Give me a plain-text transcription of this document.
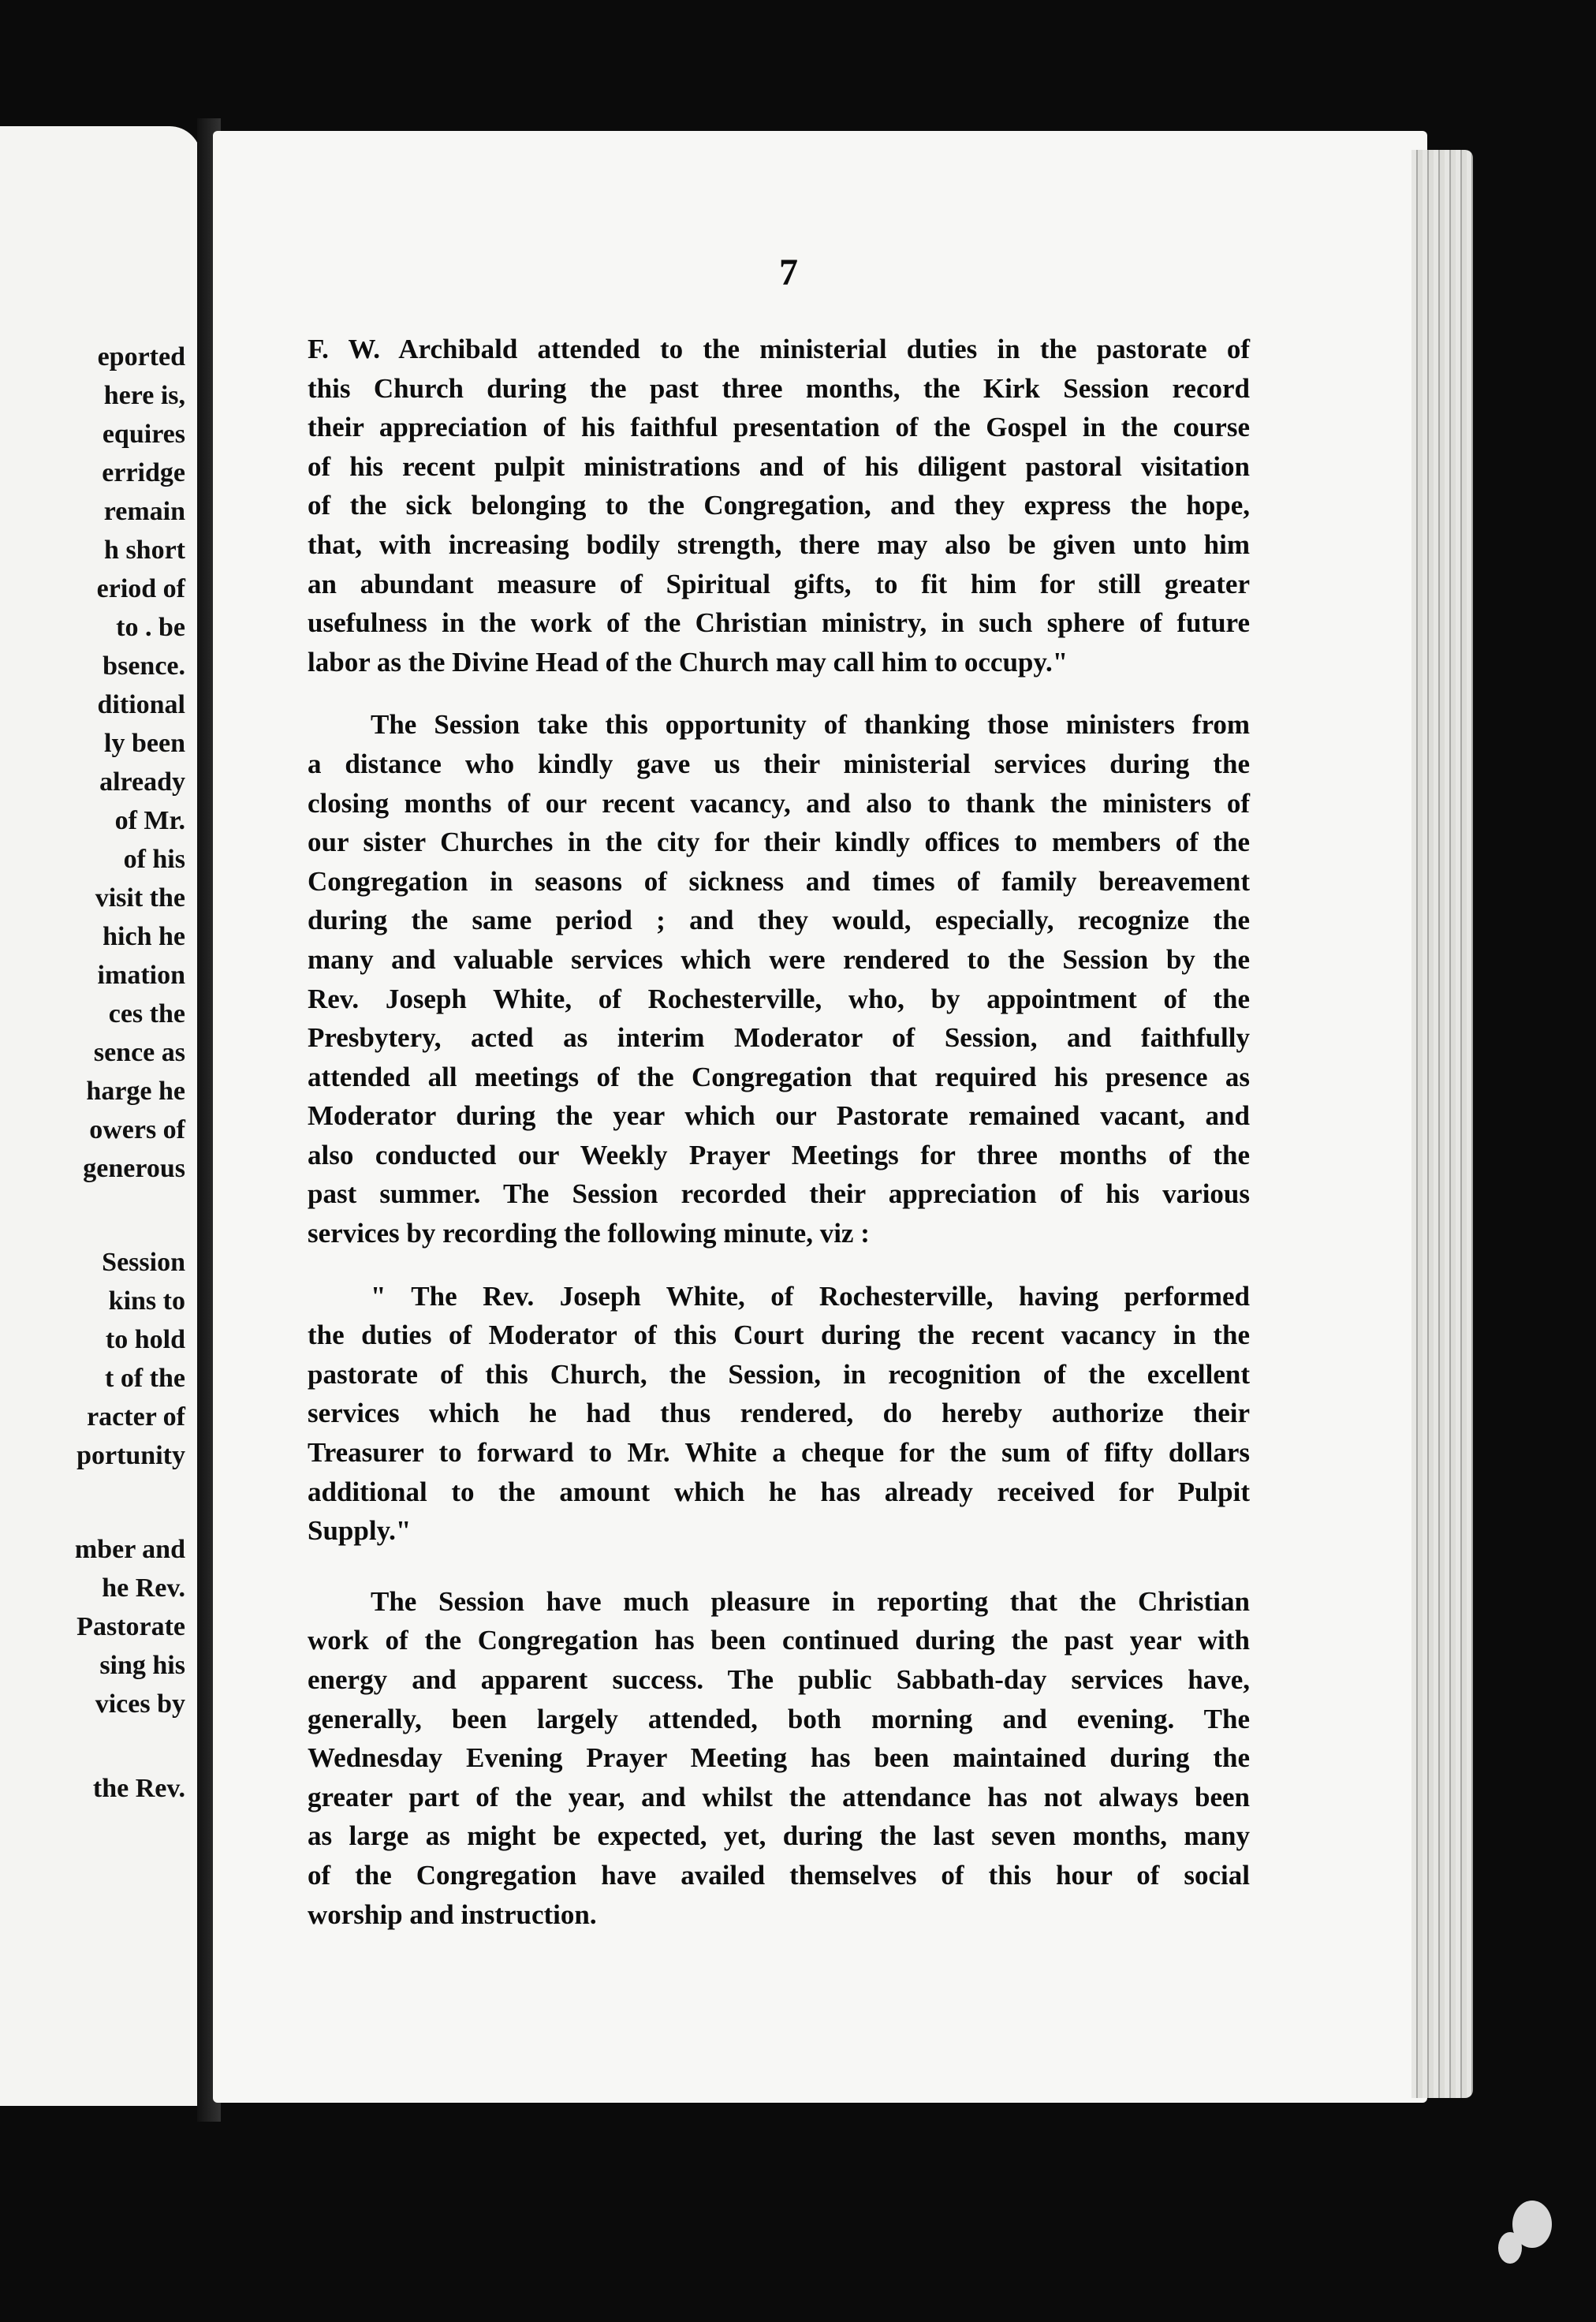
eported
here is,
equires
erridge
remain
h short
eriod of
to . be
bsence.
ditional
ly been
already
of Mr.
of his
visit the
hich he
imation
ces the
sence as
harge he
owers of
generous
Session
kins to
to hold
t of the
racter of
portunity
mber and
he Rev.
Pastorate
sing his
vices by
the Rev.
7
F. W. Archibald attended to the ministerial duties in the pastorate of
this Church during the past three months, the Kirk Session record
their appreciation of his faithful presentation of the Gospel in the course
of his recent pulpit ministrations and of his diligent pastoral visitation
of the sick belonging to the Congregation, and they express the hope,
that, with increasing bodily strength, there may also be given unto him
an abundant measure of Spiritual gifts, to fit him for still greater
usefulness in the work of the Christian ministry, in such sphere of future
labor as the Divine Head of the Church may call him to occupy."
The Session take this opportunity of thanking those ministers from
a distance who kindly gave us their ministerial services during the
closing months of our recent vacancy, and also to thank the ministers of
our sister Churches in the city for their kindly offices to members of the
Congregation in seasons of sickness and times of family bereavement
during the same period ; and they would, especially, recognize the
many and valuable services which were rendered to the Session by the
Rev. Joseph White, of Rochesterville, who, by appointment of the
Presbytery, acted as interim Moderator of Session, and faithfully
attended all meetings of the Congregation that required his presence as
Moderator during the year which our Pastorate remained vacant, and
also conducted our Weekly Prayer Meetings for three months of the
past summer. The Session recorded their appreciation of his various
services by recording the following minute, viz :
" The Rev. Joseph White, of Rochesterville, having performed
the duties of Moderator of this Court during the recent vacancy in the
pastorate of this Church, the Session, in recognition of the excellent
services which he had thus rendered, do hereby authorize their
Treasurer to forward to Mr. White a cheque for the sum of fifty dollars
additional to the amount which he has already received for Pulpit
Supply."
The Session have much pleasure in reporting that the Christian
work of the Congregation has been continued during the past year with
energy and apparent success. The public Sabbath-day services have,
generally, been largely attended, both morning and evening. The
Wednesday Evening Prayer Meeting has been maintained during the
greater part of the year, and whilst the attendance has not always been
as large as might be expected, yet, during the last seven months, many
of the Congregation have availed themselves of this hour of social
worship and instruction.
